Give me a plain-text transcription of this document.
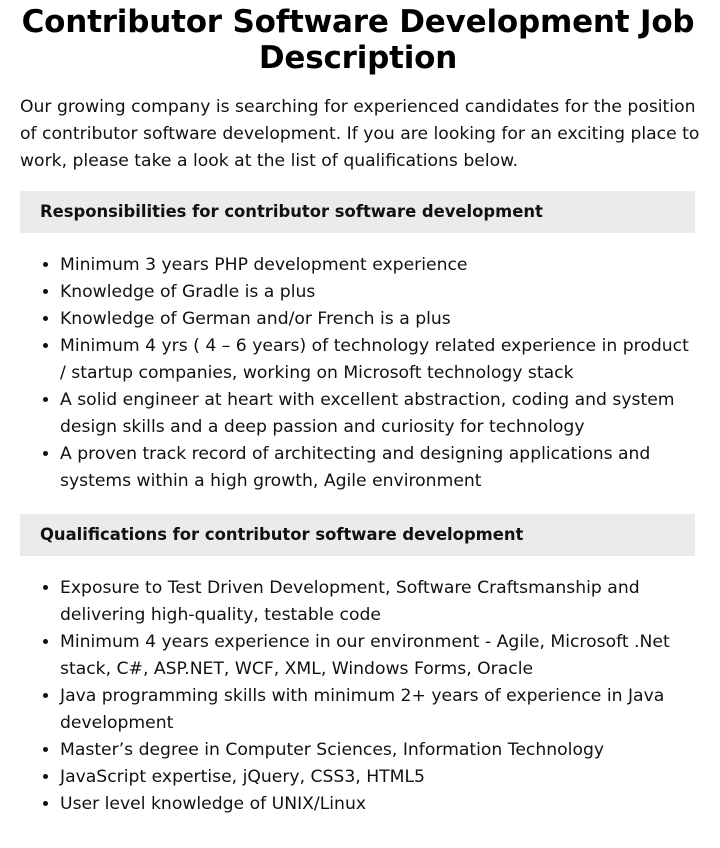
Contributor Software Development Job Description

Our growing company is searching for experienced candidates for the position of contributor software development. If you are looking for an exciting place to work, please take a look at the list of qualifications below.

Responsibilities for contributor software development
• Minimum 3 years PHP development experience
• Knowledge of Gradle is a plus
• Knowledge of German and/or French is a plus
• Minimum 4 yrs ( 4 – 6 years) of technology related experience in product / startup companies, working on Microsoft technology stack
• A solid engineer at heart with excellent abstraction, coding and system design skills and a deep passion and curiosity for technology
• A proven track record of architecting and designing applications and systems within a high growth, Agile environment
Qualifications for contributor software development
• Exposure to Test Driven Development, Software Craftsmanship and delivering high-quality, testable code
• Minimum 4 years experience in our environment - Agile, Microsoft .Net stack, C#, ASP.NET, WCF, XML, Windows Forms, Oracle
• Java programming skills with minimum 2+ years of experience in Java development
• Master’s degree in Computer Sciences, Information Technology
• JavaScript expertise, jQuery, CSS3, HTML5
• User level knowledge of UNIX/Linux
